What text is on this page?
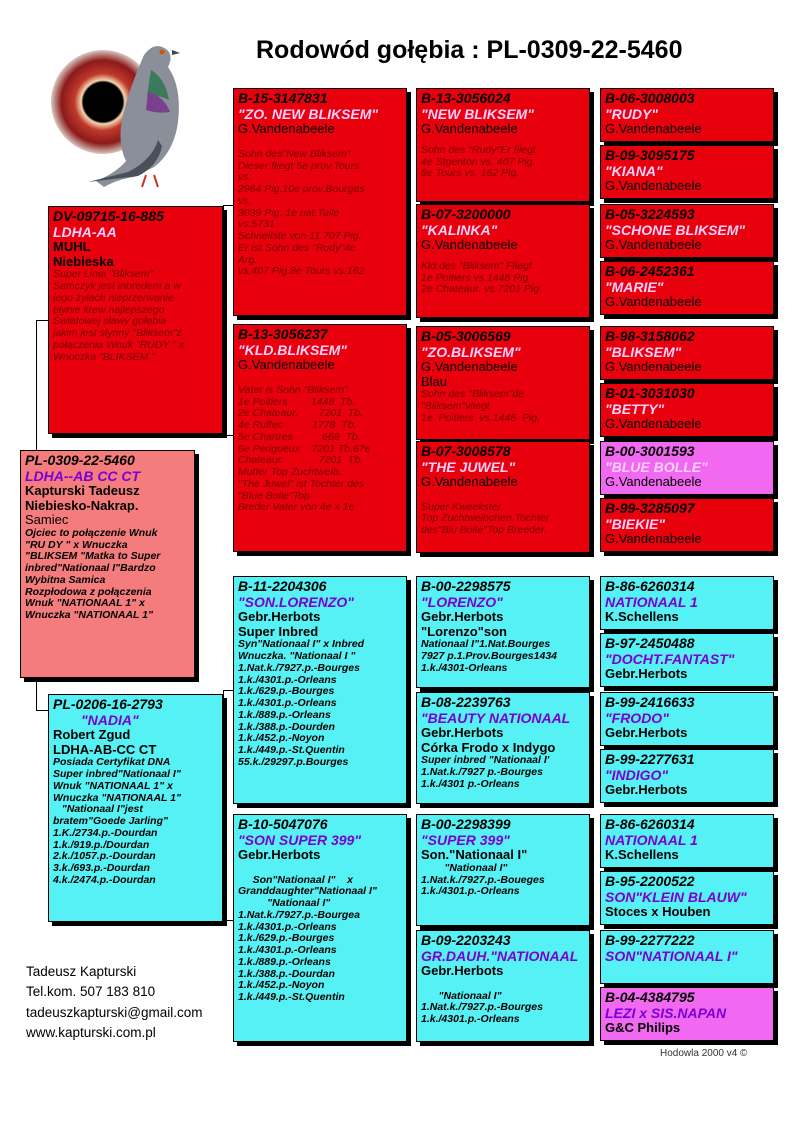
Rodowód gołębia : PL-0309-22-5460
PL-0309-22-5460
LDHA--AB CC CT
Kapturski Tadeusz
Niebiesko-Nakrap.
Samiec
Ojciec to połączenie Wnuk
"RU DY " x Wnuczka
"BLIKSEM "Matka to Super
inbred"Nationaal I"Bardzo
Wybitna Samica
Rozpłodowa z połączenia
Wnuk "NATIONAAL 1" x
Wnuczka "NATIONAAL 1"
DV-09715-16-885
LDHA-AA
MUHL
Niebieska
Super Linia "Bliksem"
Samczyk jest inbredem a w
jego żyłach nieprzerwanie
płynie krew najlepszego
Światowej sławy gołębia
jakim jest słynny "Bliksem"z
połączenia Wnuk "RUDY " x
Wnuczka "BLIKSEM "
PL-0206-16-2793
"NADIA"
Robert Zgud
LDHA-AB-CC CT
Posiada Certyfikat DNA
Super inbred"Nationaal I"
Wnuk "NATIONAAL 1" x
Wnuczka "NATIONAAL 1"
"Nationaal I"jest
bratem"Goede Jarling"
1.K./2734.p.-Dourdan
1.k./919.p./Dourdan
2.k./1057.p.-Dourdan
3.k./693.p.-Dourdan
4.k./2474.p.-Dourdan
B-15-3147831
"ZO. NEW BLIKSEM"
G.Vandenabeele
Sohn des"New Bliksem"
Dieser fliegt 5e prov.Tours
vs.
2964 Pig.10e prov.Bourges
vs.
3039 Pig. 1e nat.Tulle
vs.5731
Schnellste von 11.707 Pig.
Er ist Sohn des "Rudy"4e
Arg.
vs.407 Pig.8e Tours vs.162
B-13-3056237
"KLD.BLIKSEM"
G.Vandenabeele
Vater is Sohn "Bliksem"
1e Poitiers        1448  Tb.
2e Chateaur.       7201  Tb.
4e Ruffec          1778  Tb.
5e Chartres          668  Tb.
5e Perigueux    7201 Tb.67e
Chateaur.            7201  Tb.
Mutter Top Zuchtweib.
"The Juwel" ist Tochter des
"Blue Bolle"Top
Breder Vater von 4e x 1e
B-11-2204306
"SON.LORENZO"
Gebr.Herbots
Super Inbred
Syn"Nationaal I" x Inbred
Wnuczka. "Nationaal I "
1.Nat.k./7927.p.-Bourges
1.k./4301.p.-Orleans
1.k./629.p.-Bourges
1.k./4301.p.-Orleans
1.k./889.p.-Orleans
1.k./388.p.-Dourden
1.k./452.p.-Noyon
1.k./449.p.-St.Quentin
55.k./29297.p.Bourges
B-10-5047076
"SON SUPER 399"
Gebr.Herbots

Son"Nationaal I"    x
Granddaughter"Nationaal I"
"Nationaal I"
1.Nat.k./7927.p.-Bourgea
1.k./4301.p.-Orleans
1.k./629.p.-Bourges
1.k./4301.p.-Orleans
1.k./889.p.-Orleans
1.k./388.p.-Dourdan
1.k./452.p.-Noyon
1.k./449.p.-St.Quentin
B-13-3056024
"NEW BLIKSEM"
G.Vandenabeele
Sohn des "Rudy"Er fliegt
4e Stgenton vs. 407 Pig.
8e Tours vs. 162 Pig.
B-07-3200000
"KALINKA"
G.Vandenabeele
Kld.des "Bliksem" Fliegt
1e Poitiers vs.1448 Pig
2e Chateaur. vs.7201 Pig.
B-05-3006569
"ZO.BLIKSEM"
G.Vandenabeele
Blau
Sohn des "Bliksem"de
"Bliksem"vliegt
1e  Poitiers  vs.1448  Pig.
B-07-3008578
"THE JUWEL"
G.Vandenabeele

Super Kweekster
Top Zuchtweibchen.Tochter
des"Blu Bolle"Top Breeder.
B-00-2298575
"LORENZO"
Gebr.Herbots
"Lorenzo"son
Nationaal I"1.Nat.Bourges
7927 p.1.Prov.Bourges1434
1.k./4301-Orleans
B-08-2239763
"BEAUTY NATIONAAL
Gebr.Herbots
Córka Frodo x Indygo
Super inbred "Nationaal I'
1.Nat.k./7927 p.-Bourges
1.k./4301 p.-Orleans
B-00-2298399
"SUPER 399"
Son."Nationaal I"
"Nationaal I"
1.Nat.k./7927.p.-Boueges
1.k./4301.p.-Orleans
B-09-2203243
GR.DAUH."NATIONAAL
Gebr.Herbots

"Nationaal I"
1.Nat.k./7927.p.-Bourges
1.k./4301.p.-Orleans
B-06-3008003
"RUDY"
G.Vandenabeele
B-09-3095175
"KIANA"
G.Vandenabeele
B-05-3224593
"SCHONE BLIKSEM"
G.Vandenabeele
B-06-2452361
"MARIE"
G.Vandenabeele
B-98-3158062
"BLIKSEM"
G.Vandenabeele
B-01-3031030
"BETTY"
G.Vandenabeele
B-00-3001593
"BLUE BOLLE"
G.Vandenabeele
B-99-3285097
"BIEKIE"
G.Vandenabeele
B-86-6260314
NATIONAAL 1
K.Schellens
B-97-2450488
"DOCHT.FANTAST"
Gebr.Herbots
B-99-2416633
"FRODO"
Gebr.Herbots
B-99-2277631
"INDIGO"
Gebr.Herbots
B-86-6260314
NATIONAAL 1
K.Schellens
B-95-2200522
SON"KLEIN BLAUW"
Stoces x Houben
B-99-2277222
SON"NATIONAAL I"
B-04-4384795
LEZI x SIS.NAPAN
G&C Philips
Tadeusz Kapturski
Tel.kom. 507 183 810
tadeuszkapturski@gmail.com
www.kapturski.com.pl
Hodowla 2000 v4 ©
